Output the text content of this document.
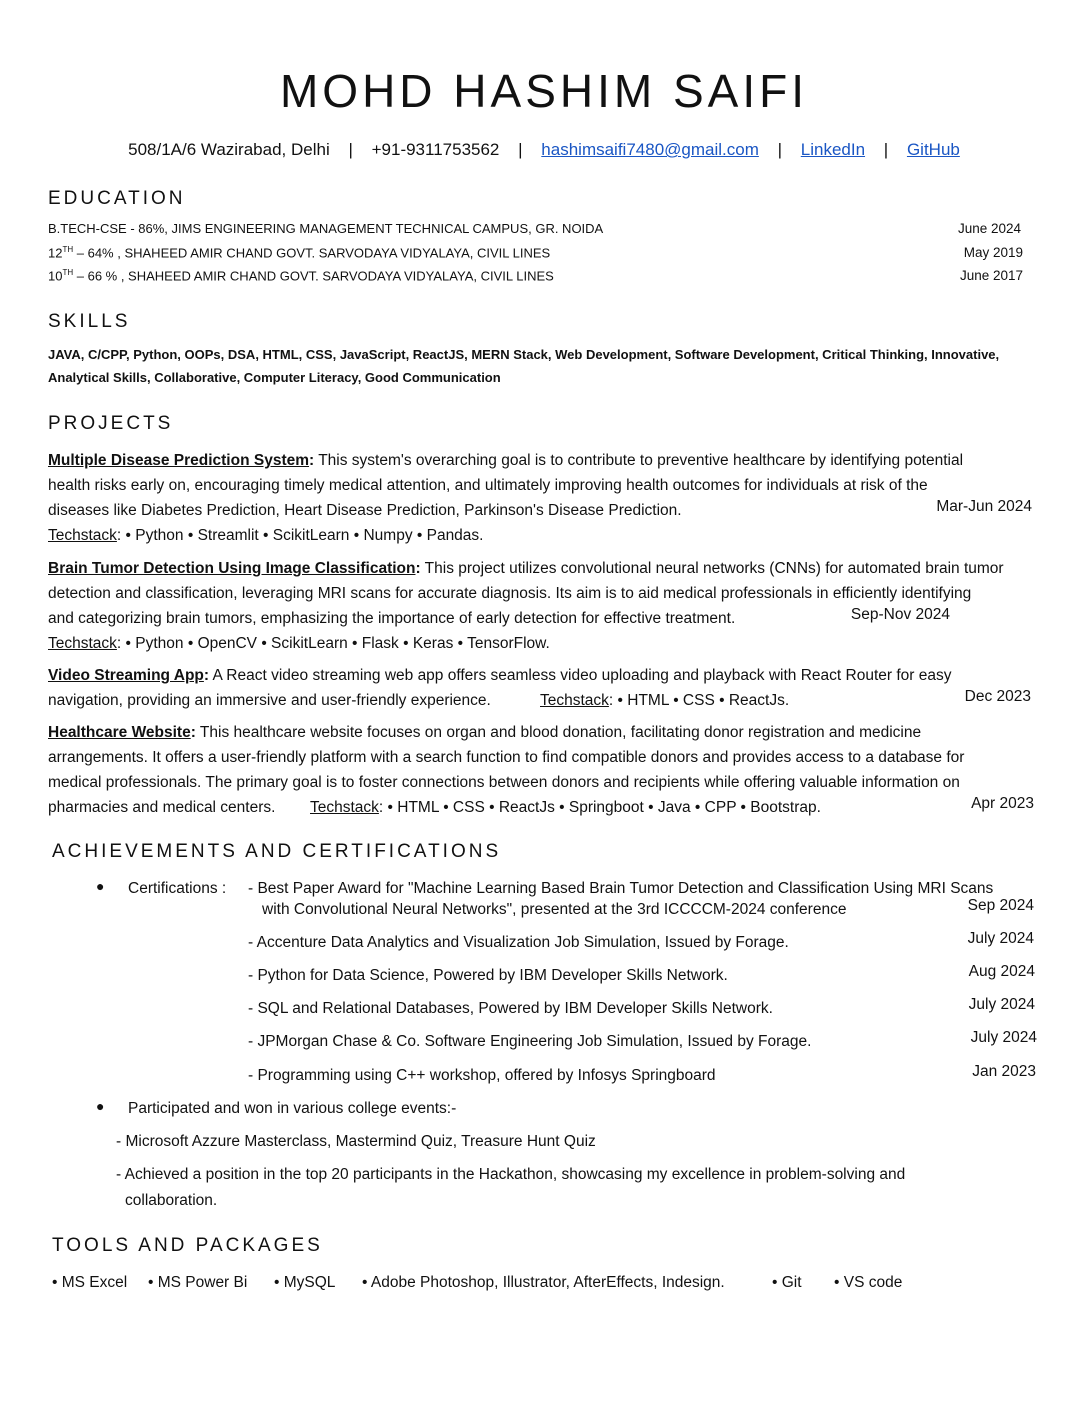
MOHD HASHIM SAIFI
508/1A/6 Wazirabad, Delhi | +91-9311753562 | hashimsaifi7480@gmail.com | LinkedIn | GitHub
EDUCATION
B.TECH-CSE - 86%, JIMS ENGINEERING MANAGEMENT TECHNICAL CAMPUS, GR. NOIDA	June 2024
12TH – 64% , SHAHEED AMIR CHAND GOVT. SARVODAYA VIDYALAYA, CIVIL LINES	May 2019
10TH – 66 % , SHAHEED AMIR CHAND GOVT. SARVODAYA VIDYALAYA, CIVIL LINES	June 2017
SKILLS
JAVA, C/CPP, Python, OOPs, DSA, HTML, CSS, JavaScript, ReactJS, MERN Stack, Web Development, Software Development, Critical Thinking, Innovative, Analytical Skills, Collaborative, Computer Literacy, Good Communication
PROJECTS
Multiple Disease Prediction System: This system's overarching goal is to contribute to preventive healthcare by identifying potential
health risks early on, encouraging timely medical attention, and ultimately improving health outcomes for individuals at risk of the
diseases like Diabetes Prediction, Heart Disease Prediction, Parkinson's Disease Prediction.	Mar-Jun 2024
Techstack: • Python • Streamlit • ScikitLearn • Numpy • Pandas.
Brain Tumor Detection Using Image Classification: This project utilizes convolutional neural networks (CNNs) for automated brain tumor
detection and classification, leveraging MRI scans for accurate diagnosis. Its aim is to aid medical professionals in efficiently identifying
and categorizing brain tumors, emphasizing the importance of early detection for effective treatment.	Sep-Nov 2024
Techstack: • Python • OpenCV • ScikitLearn • Flask • Keras • TensorFlow.
Video Streaming App: A React video streaming web app offers seamless video uploading and playback with React Router for easy
navigation, providing an immersive and user-friendly experience.	Techstack: • HTML • CSS • ReactJs.	Dec 2023
Healthcare Website: This healthcare website focuses on organ and blood donation, facilitating donor registration and medicine
arrangements. It offers a user-friendly platform with a search function to find compatible donors and provides access to a database for
medical professionals. The primary goal is to foster connections between donors and recipients while offering valuable information on
pharmacies and medical centers. Techstack: • HTML • CSS • ReactJs • Springboot • Java • CPP • Bootstrap.	Apr 2023
ACHIEVEMENTS AND CERTIFICATIONS
● Certifications : - Best Paper Award for "Machine Learning Based Brain Tumor Detection and Classification Using MRI Scans
with Convolutional Neural Networks", presented at the 3rd ICCCCM-2024 conference	Sep 2024
- Accenture Data Analytics and Visualization Job Simulation, Issued by Forage.	July 2024
- Python for Data Science, Powered by IBM Developer Skills Network.	Aug 2024
- SQL and Relational Databases, Powered by IBM Developer Skills Network.	July 2024
- JPMorgan Chase & Co. Software Engineering Job Simulation, Issued by Forage.	July 2024
- Programming using C++ workshop, offered by Infosys Springboard	Jan 2023
● Participated and won in various college events:-
- Microsoft Azzure Masterclass, Mastermind Quiz, Treasure Hunt Quiz
- Achieved a position in the top 20 participants in the Hackathon, showcasing my excellence in problem-solving and
collaboration.
TOOLS AND PACKAGES
• MS Excel • MS Power Bi • MySQL • Adobe Photoshop, Illustrator, AfterEffects, Indesign.	• Git • VS code
